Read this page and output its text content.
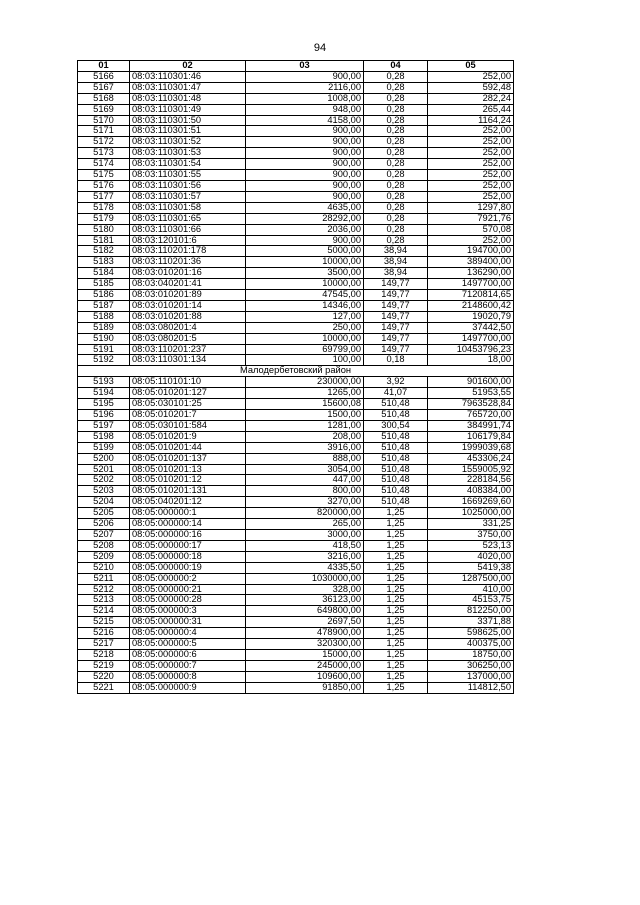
94
01	02	03	04	05
5166	08:03:110301:46	900,00	0,28	252,00
5167	08:03:110301:47	2116,00	0,28	592,48
5168	08:03:110301:48	1008,00	0,28	282,24
5169	08:03:110301:49	948,00	0,28	265,44
5170	08:03:110301:50	4158,00	0,28	1164,24
5171	08:03:110301:51	900,00	0,28	252,00
5172	08:03:110301:52	900,00	0,28	252,00
5173	08:03:110301:53	900,00	0,28	252,00
5174	08:03:110301:54	900,00	0,28	252,00
5175	08:03:110301:55	900,00	0,28	252,00
5176	08:03:110301:56	900,00	0,28	252,00
5177	08:03:110301:57	900,00	0,28	252,00
5178	08:03:110301:58	4635,00	0,28	1297,80
5179	08:03:110301:65	28292,00	0,28	7921,76
5180	08:03:110301:66	2036,00	0,28	570,08
5181	08:03:120101:6	900,00	0,28	252,00
5182	08:03:110201:178	5000,00	38,94	194700,00
5183	08:03:110201:36	10000,00	38,94	389400,00
5184	08:03:010201:16	3500,00	38,94	136290,00
5185	08:03:040201:41	10000,00	149,77	1497700,00
5186	08:03:010201:89	47545,00	149,77	7120814,65
5187	08:03:010201:14	14346,00	149,77	2148600,42
5188	08:03:010201:88	127,00	149,77	19020,79
5189	08:03:080201:4	250,00	149,77	37442,50
5190	08:03:080201:5	10000,00	149,77	1497700,00
5191	08:03:110201:237	69799,00	149,77	10453796,23
5192	08:03:110301:134	100,00	0,18	18,00
Малодербетовский район				
5193	08:05:110101:10	230000,00	3,92	901600,00
5194	08:05:010201:127	1265,00	41,07	51953,55
5195	08:05:030101:25	15600,08	510,48	7963528,84
5196	08:05:010201:7	1500,00	510,48	765720,00
5197	08:05:030101:584	1281,00	300,54	384991,74
5198	08:05:010201:9	208,00	510,48	106179,84
5199	08:05:010201:44	3916,00	510,48	1999039,68
5200	08:05:010201:137	888,00	510,48	453306,24
5201	08:05:010201:13	3054,00	510,48	1559005,92
5202	08:05:010201:12	447,00	510,48	228184,56
5203	08:05:010201:131	800,00	510,48	408384,00
5204	08:05:040201:12	3270,00	510,48	1669269,60
5205	08:05:000000:1	820000,00	1,25	1025000,00
5206	08:05:000000:14	265,00	1,25	331,25
5207	08:05:000000:16	3000,00	1,25	3750,00
5208	08:05:000000:17	418,50	1,25	523,13
5209	08:05:000000:18	3216,00	1,25	4020,00
5210	08:05:000000:19	4335,50	1,25	5419,38
5211	08:05:000000:2	1030000,00	1,25	1287500,00
5212	08:05:000000:21	328,00	1,25	410,00
5213	08:05:000000:28	36123,00	1,25	45153,75
5214	08:05:000000:3	649800,00	1,25	812250,00
5215	08:05:000000:31	2697,50	1,25	3371,88
5216	08:05:000000:4	478900,00	1,25	598625,00
5217	08:05:000000:5	320300,00	1,25	400375,00
5218	08:05:000000:6	15000,00	1,25	18750,00
5219	08:05:000000:7	245000,00	1,25	306250,00
5220	08:05:000000:8	109600,00	1,25	137000,00
5221	08:05:000000:9	91850,00	1,25	114812,50
